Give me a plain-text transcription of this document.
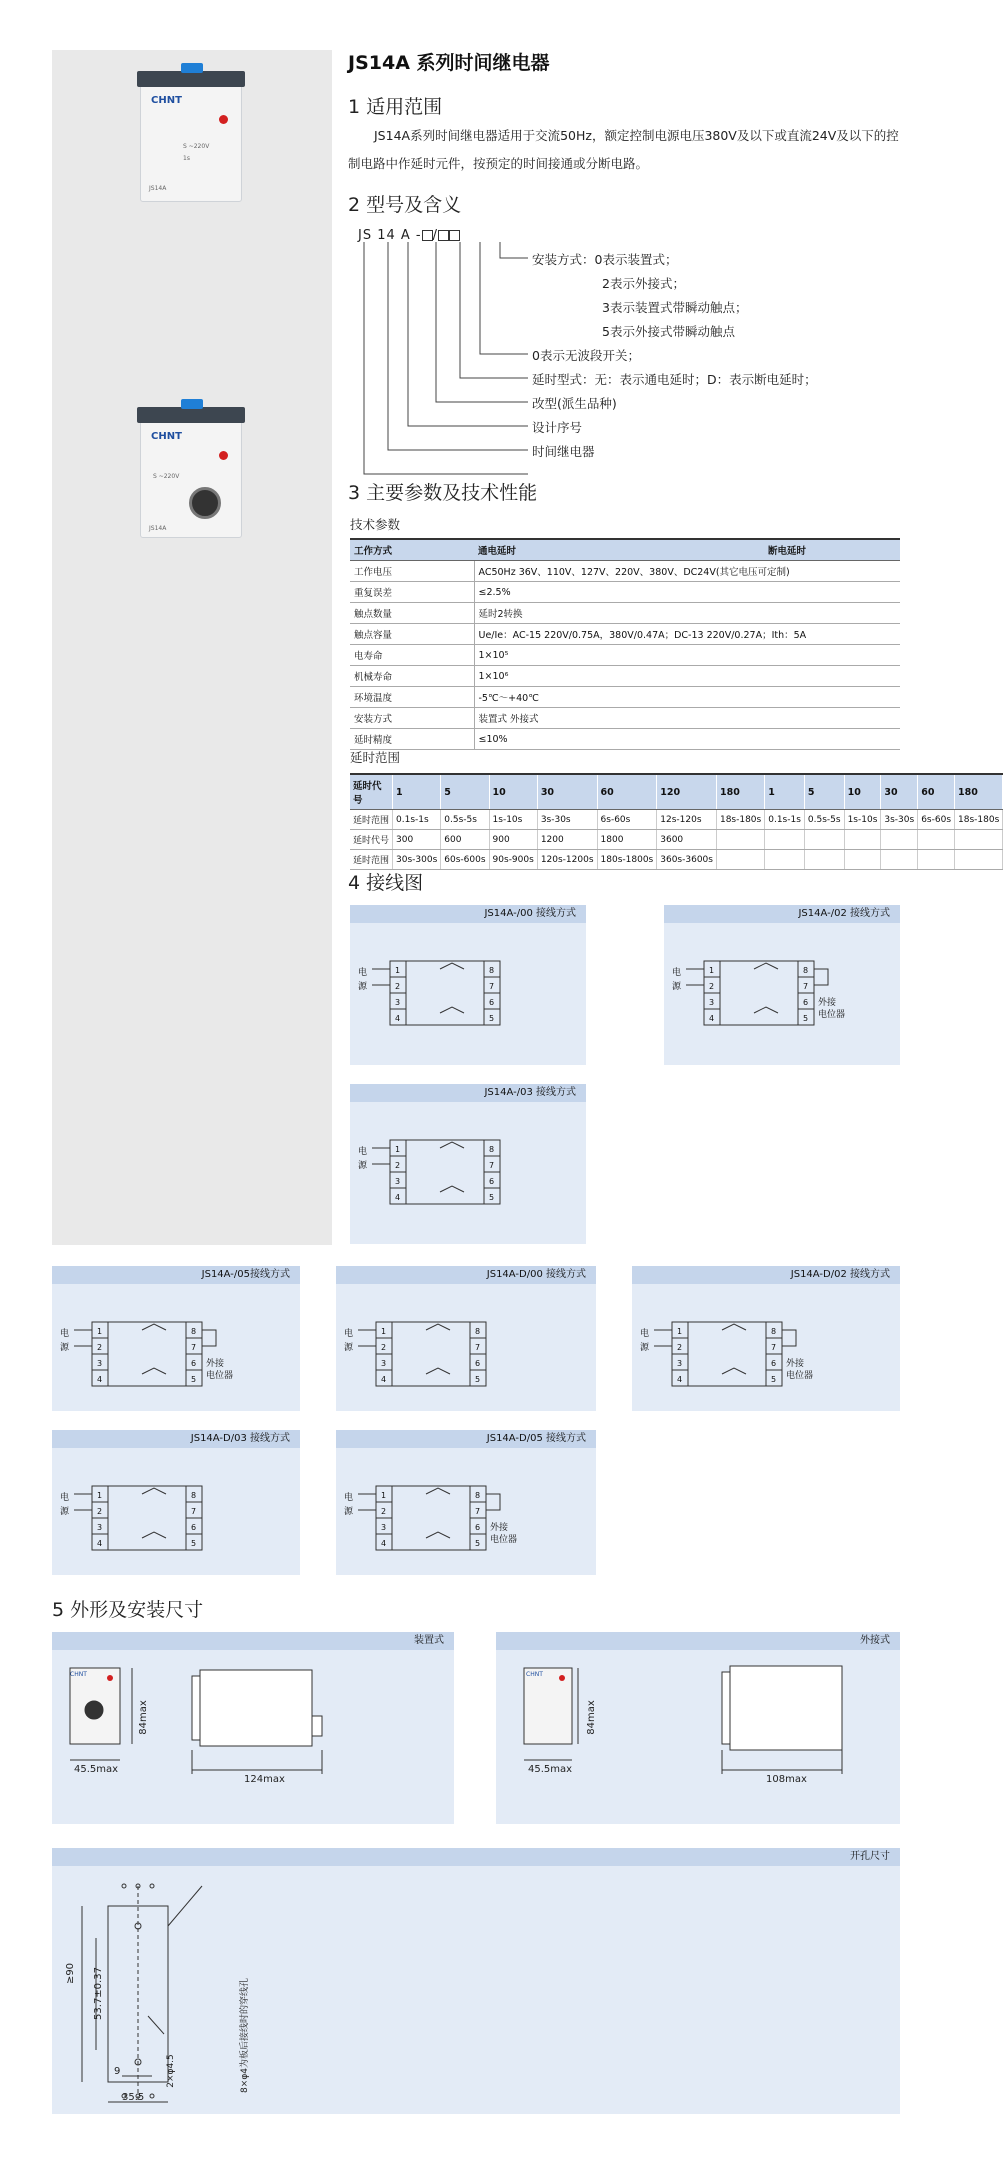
CHNT
S ~220V
1s
JS14A
CHNT
S ~220V
JS14A
JS14A 系列时间继电器
1 适用范围
JS14A系列时间继电器适用于交流50Hz，额定控制电源电压380V及以下或直流24V及以下的控制电路中作延时元件，按预定的时间接通或分断电路。
2 型号及含义
JS 14 A - /
安装方式：0表示装置式；
2表示外接式；
3表示装置式带瞬动触点；
5表示外接式带瞬动触点
0表示无波段开关；
延时型式：无：表示通电延时；D：表示断电延时；
改型(派生品种)
设计序号
时间继电器
3 主要参数及技术性能
技术参数
工作方式	通电延时	断电延时
工作电压	AC50Hz 36V、110V、127V、220V、380V、DC24V(其它电压可定制)	
重复误差	≤2.5%	
触点数量	延时2转换	
触点容量	Ue/Ie：AC-15 220V/0.75A，380V/0.47A；DC-13 220V/0.27A；Ith：5A	
电寿命	1×10⁵	
机械寿命	1×10⁶	
环境温度	-5℃～+40℃	
安装方式	装置式 外接式	
延时精度	≤10%	
延时范围
延时代号	1	5	10	30	60	120	180	1	5	10	30	60	180
延时范围	0.1s-1s	0.5s-5s	1s-10s	3s-30s	6s-60s	12s-120s	18s-180s	0.1s-1s	0.5s-5s	1s-10s	3s-30s	6s-60s	18s-180s
延时代号	300	600	900	1200	1800	3600							
延时范围	30s-300s	60s-600s	90s-900s	120s-1200s	180s-1800s	360s-3600s							
4 接线图
JS14A-/00 接线方式
电
源
1	8
2	7
3	6
4	5
JS14A-/02 接线方式
电
源
外接
电位器
1	8
2	7
3	6
4	5
JS14A-/03 接线方式
电
源
1	8
2	7
3	6
4	5
JS14A-/05接线方式
电
源
外接
电位器
1	8
2	7
3	6
4	5
JS14A-D/00 接线方式
电
源
1	8
2	7
3	6
4	5
JS14A-D/02 接线方式
电
源
外接
电位器
1	8
2	7
3	6
4	5
JS14A-D/03 接线方式
电
源
1	8
2	7
3	6
4	5
JS14A-D/05 接线方式
电
源
外接
电位器
1	8
2	7
3	6
4	5
5 外形及安装尺寸
装置式
CHNT
84max
45.5max
124max
外接式
CHNT
84max
45.5max
108max
开孔尺寸
≥90 53.7±0.37
9
35.5
2×φ4.5	8×φ4为板后接线时的穿线孔
